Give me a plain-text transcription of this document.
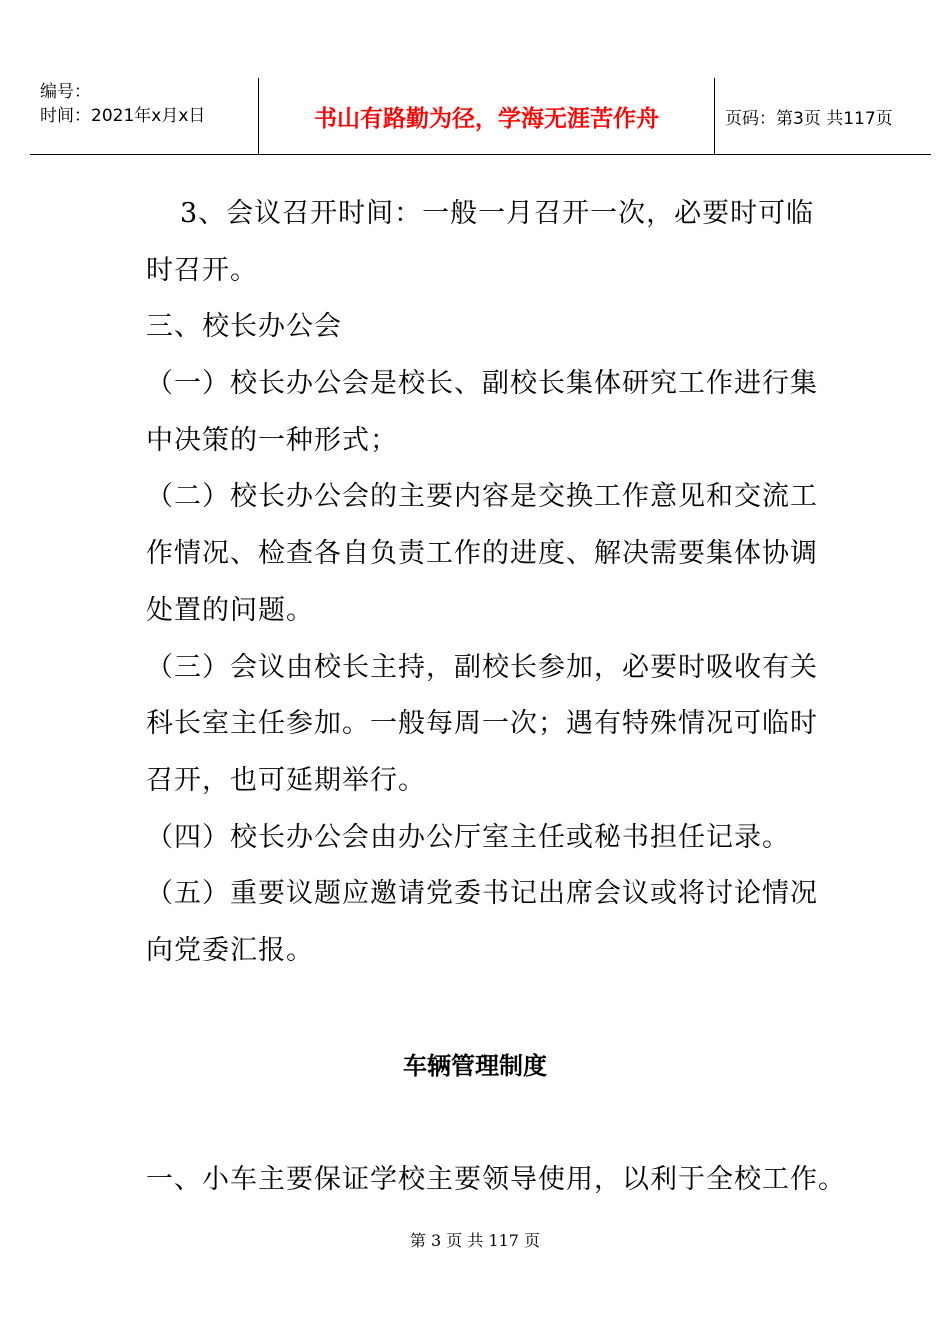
编号：
时间：2021年x月x日	书山有路勤为径，学海无涯苦作舟	页码：第3页 共117页
3、会议召开时间：一般一月召开一次，必要时可临
时召开。
三、校长办公会
（一）校长办公会是校长、副校长集体研究工作进行集
中决策的一种形式；
（二）校长办公会的主要内容是交换工作意见和交流工
作情况、检查各自负责工作的进度、解决需要集体协调
处置的问题。
（三）会议由校长主持，副校长参加，必要时吸收有关
科长室主任参加。一般每周一次；遇有特殊情况可临时
召开，也可延期举行。
（四）校长办公会由办公厅室主任或秘书担任记录。
（五）重要议题应邀请党委书记出席会议或将讨论情况
向党委汇报。
车辆管理制度
一、小车主要保证学校主要领导使用，以利于全校工作。
第 3 页 共 117 页
